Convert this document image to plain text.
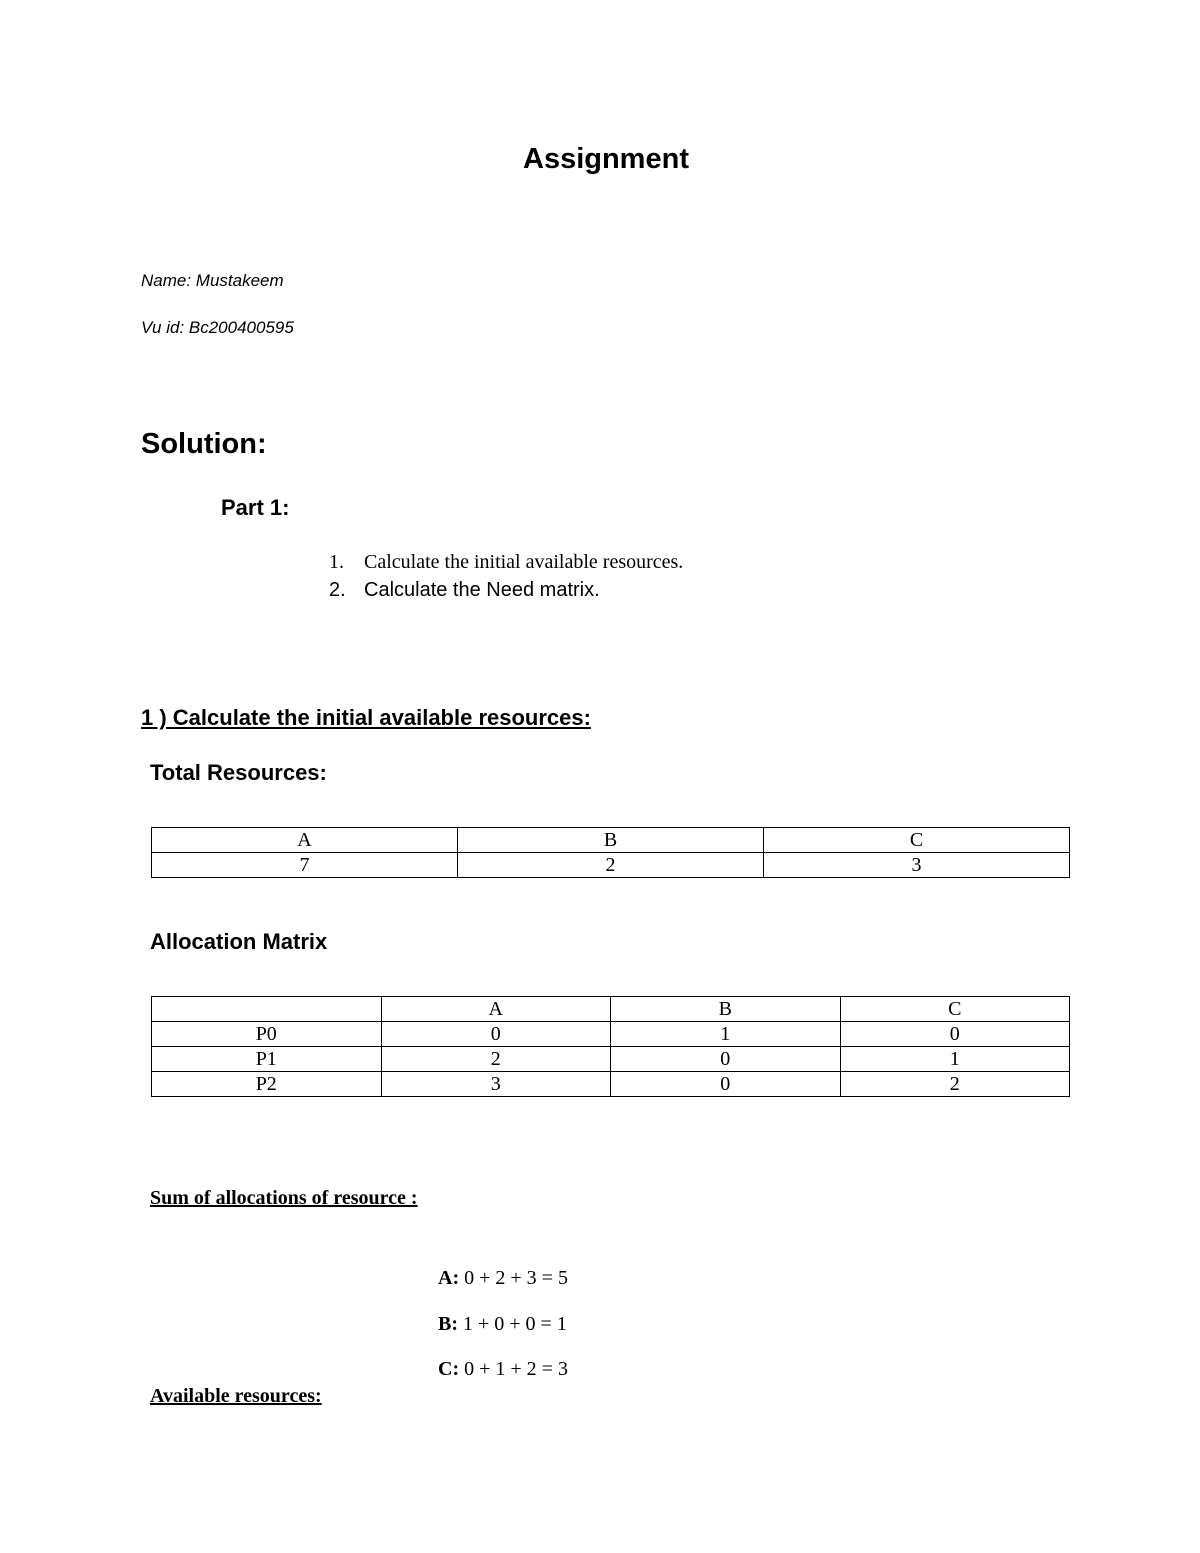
Assignment
Name: Mustakeem
Vu id: Bc200400595
Solution:
Part 1:
1. Calculate the initial available resources.
2. Calculate the Need matrix.
1 ) Calculate the initial available resources:
Total Resources:
A	B	C
7	2	3
Allocation Matrix
	A	B	C
P0	0	1	0
P1	2	0	1
P2	3	0	2
Sum of allocations of resource :
A: 0 + 2 + 3 = 5
B: 1 + 0 + 0 = 1
C: 0 + 1 + 2 = 3
Available resources:
